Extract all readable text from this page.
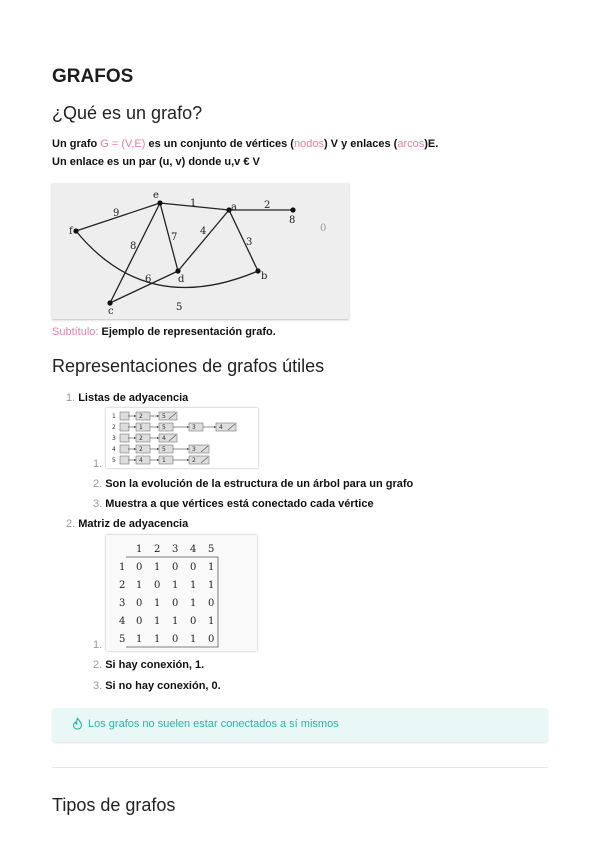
GRAFOS
¿Qué es un grafo?
Un grafo G = (V,E) es un conjunto de vértices (nodos) V y enlaces (arcos)E.
Un enlace es un par (u, v) donde u,v € V
e
a
8
f
d	b
c
0
9
1	2
7
4
3
8
6
5
Subtítulo: Ejemplo de representación grafo.
Representaciones de grafos útiles
1. Listas de adyacencia
1	2	5
2	1	5	3	4
3	2	4
4	2	5	3
5	4	1	2
1.
2. Son la evolución de la estructura de un árbol para un grafo
3. Muestra a que vértices está conectado cada vértice
2. Matriz de adyacencia
1 2 3 4 5
1 0 1 0 0 1
2 1 0 1 1 1
3 0 1 0 1 0
4 0 1 1 0 1
5 1 1 0 1 0
1.
2. Si hay conexión, 1.
3. Si no hay conexión, 0.
Los grafos no suelen estar conectados a sí mismos
Tipos de grafos
